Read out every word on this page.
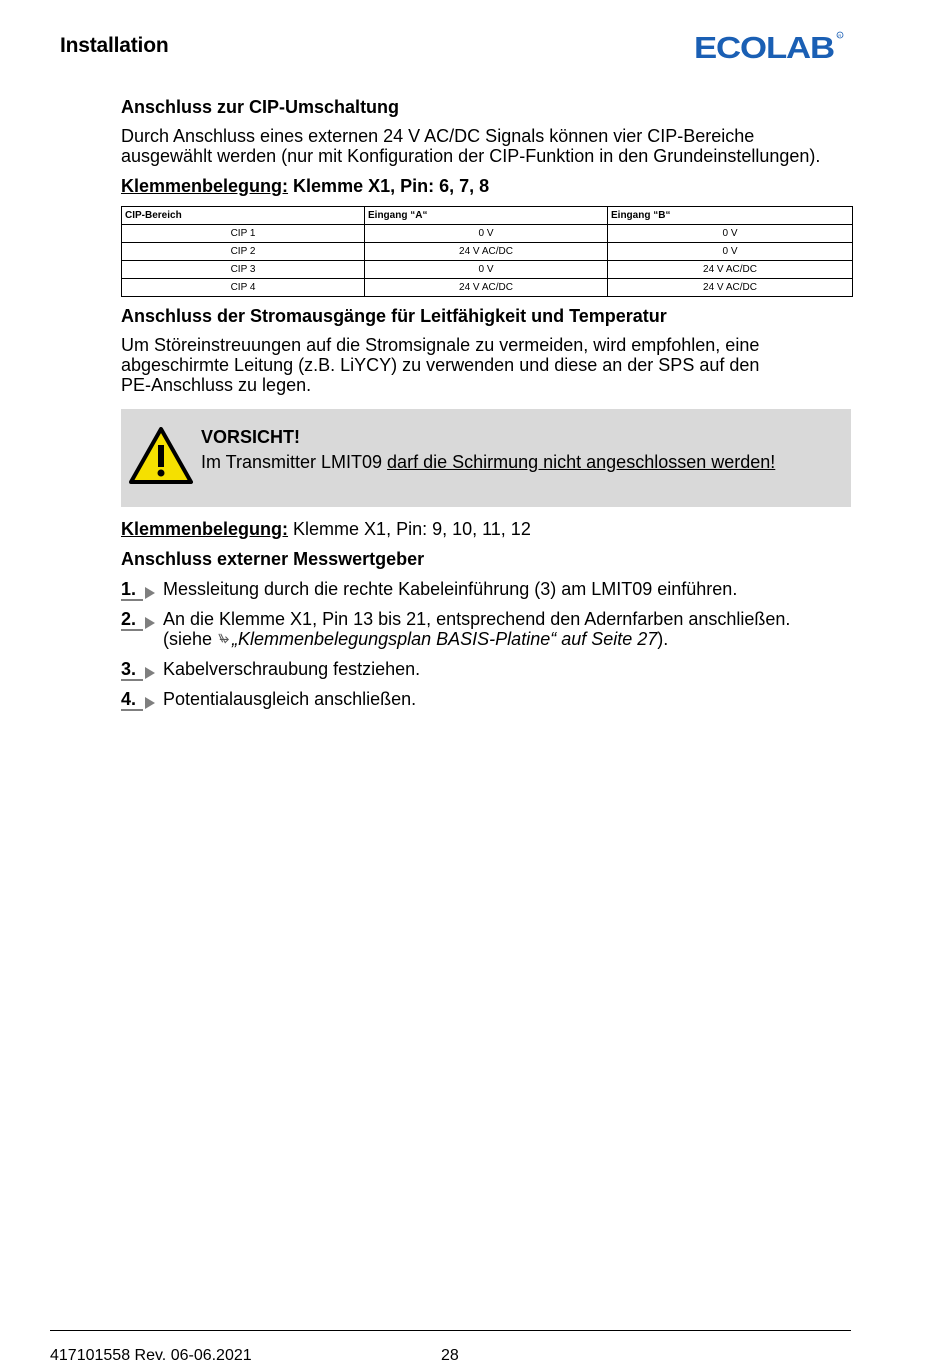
Installation	ECOLAB R
Anschluss zur CIP-Umschaltung
Durch Anschluss eines externen 24 V AC/DC Signals können vier CIP-Bereiche
ausgewählt werden (nur mit Konfiguration der CIP-Funktion in den Grundeinstellungen).
Klemmenbelegung: Klemme X1, Pin: 6, 7, 8
CIP-Bereich	Eingang “A“	Eingang “B“
CIP 1	0 V	0 V
CIP 2	24 V AC/DC	0 V
CIP 3	0 V	24 V AC/DC
CIP 4	24 V AC/DC	24 V AC/DC
Anschluss der Stromausgänge für Leitfähigkeit und Temperatur
Um Störeinstreuungen auf die Stromsignale zu vermeiden, wird empfohlen, eine
abgeschirmte Leitung (z.B. LiYCY) zu verwenden und diese an der SPS auf den
PE-Anschluss zu legen.
VORSICHT!
Im Transmitter LMIT09 darf die Schirmung nicht angeschlossen werden!
Klemmenbelegung: Klemme X1, Pin: 9, 10, 11, 12
Anschluss externer Messwertgeber
1. Messleitung durch die rechte Kabeleinführung (3) am LMIT09 einführen.
2. An die Klemme X1, Pin 13 bis 21, entsprechend den Adernfarben anschließen.
(siehe „Klemmenbelegungsplan BASIS-Platine“ auf Seite 27).
3. Kabelverschraubung festziehen.
4. Potentialausgleich anschließen.
417101558 Rev. 06-06.2021	28
